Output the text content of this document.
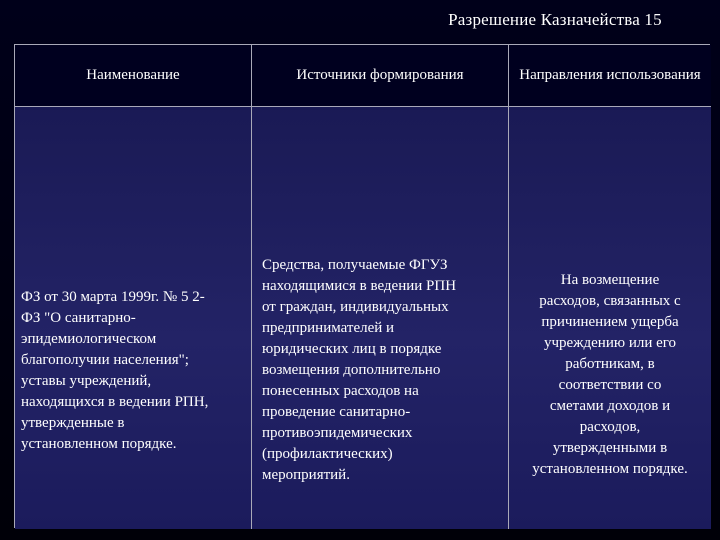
Разрешение Казначейства 15
Наименование	Источники формирования	Направления использования
ФЗ от 30 марта 1999г. № 5 2-
ФЗ "О санитарно-
эпидемиологическом
благополучии населения";
уставы учреждений,
находящихся в ведении РПН,
утвержденные в
установленном порядке.
Средства, получаемые ФГУЗ
находящимися в ведении РПН
от граждан, индивидуальных
предпринимателей и
юридических лиц в порядке
возмещения дополнительно
понесенных расходов на
проведение санитарно-
противоэпидемических
(профилактических)
мероприятий.
На возмещение
расходов, связанных с
причинением ущерба
учреждению или его
работникам, в
соответствии со
сметами доходов и
расходов,
утвержденными в
установленном порядке.
